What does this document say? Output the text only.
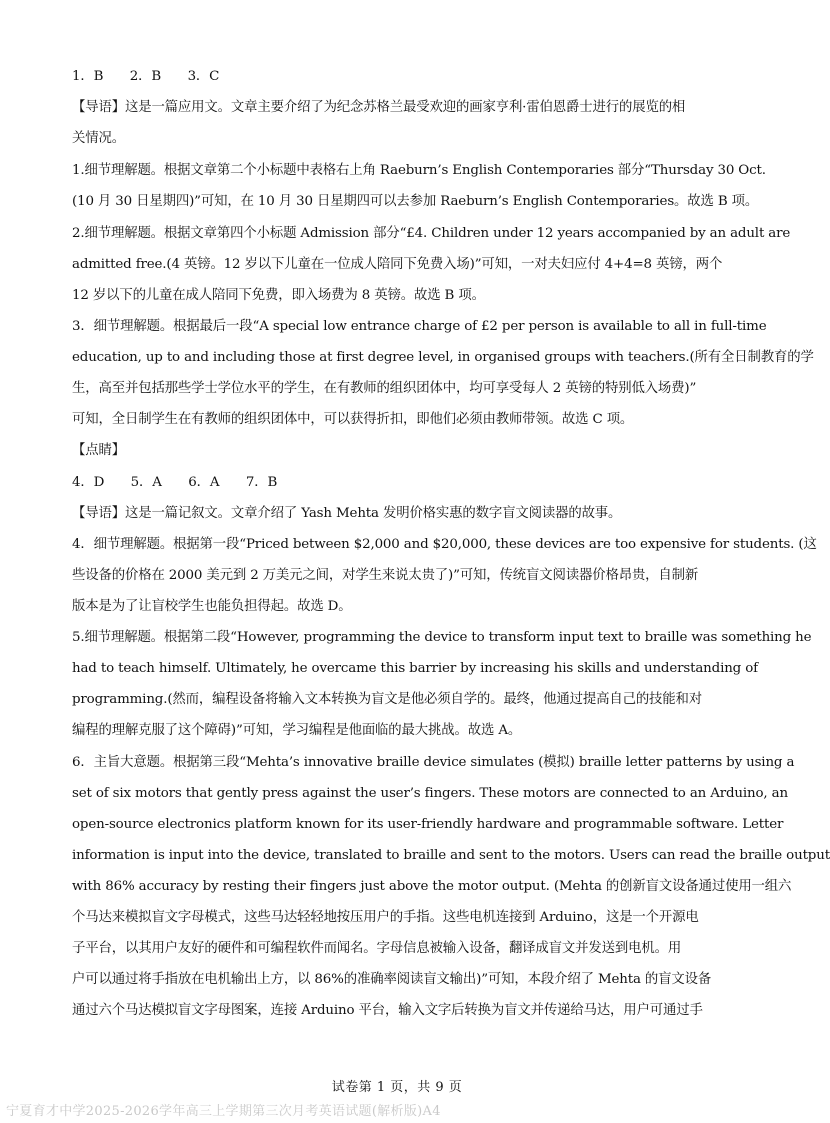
1．B　　2．B　　3．C
【导语】这是一篇应用文。文章主要介绍了为纪念苏格兰最受欢迎的画家亨利·雷伯恩爵士进行的展览的相
关情况。
1.细节理解题。根据文章第二个小标题中表格右上角 Raeburn’s English Contemporaries 部分“Thursday 30 Oct.
(10 月 30 日星期四)”可知，在 10 月 30 日星期四可以去参加 Raeburn’s English Contemporaries。故选 B 项。
2.细节理解题。根据文章第四个小标题 Admission 部分“£4. Children under 12 years accompanied by an adult are
admitted free.(4 英镑。12 岁以下儿童在一位成人陪同下免费入场)”可知，一对夫妇应付 4+4=8 英镑，两个
12 岁以下的儿童在成人陪同下免费，即入场费为 8 英镑。故选 B 项。
3．细节理解题。根据最后一段“A special low entrance charge of £2 per person is available to all in full-time
education, up to and including those at first degree level, in organised groups with teachers.(所有全日制教育的学
生，高至并包括那些学士学位水平的学生，在有教师的组织团体中，均可享受每人 2 英镑的特别低入场费)”
可知，全日制学生在有教师的组织团体中，可以获得折扣，即他们必须由教师带领。故选 C 项。
【点睛】
4．D　　5．A　　6．A　　7．B
【导语】这是一篇记叙文。文章介绍了 Yash Mehta 发明价格实惠的数字盲文阅读器的故事。
4．细节理解题。根据第一段“Priced between $2,000 and $20,000, these devices are too expensive for students. (这
些设备的价格在 2000 美元到 2 万美元之间，对学生来说太贵了)”可知，传统盲文阅读器价格昂贵，自制新
版本是为了让盲校学生也能负担得起。故选 D。
5.细节理解题。根据第二段“However, programming the device to transform input text to braille was something he
had to teach himself. Ultimately, he overcame this barrier by increasing his skills and understanding of
programming.(然而，编程设备将输入文本转换为盲文是他必须自学的。最终，他通过提高自己的技能和对
编程的理解克服了这个障碍)”可知，学习编程是他面临的最大挑战。故选 A。
6．主旨大意题。根据第三段“Mehta’s innovative braille device simulates (模拟) braille letter patterns by using a
set of six motors that gently press against the user’s fingers. These motors are connected to an Arduino, an
open-source electronics platform known for its user-friendly hardware and programmable software. Letter
information is input into the device, translated to braille and sent to the motors. Users can read the braille output
with 86% accuracy by resting their fingers just above the motor output. (Mehta 的创新盲文设备通过使用一组六
个马达来模拟盲文字母模式，这些马达轻轻地按压用户的手指。这些电机连接到 Arduino，这是一个开源电
子平台，以其用户友好的硬件和可编程软件而闻名。字母信息被输入设备，翻译成盲文并发送到电机。用
户可以通过将手指放在电机输出上方，以 86%的准确率阅读盲文输出)”可知，本段介绍了 Mehta 的盲文设备
通过六个马达模拟盲文字母图案，连接 Arduino 平台，输入文字后转换为盲文并传递给马达，用户可通过手
试卷第 1 页，共 9 页
宁夏育才中学2025-2026学年高三上学期第三次月考英语试题(解析版)A4
